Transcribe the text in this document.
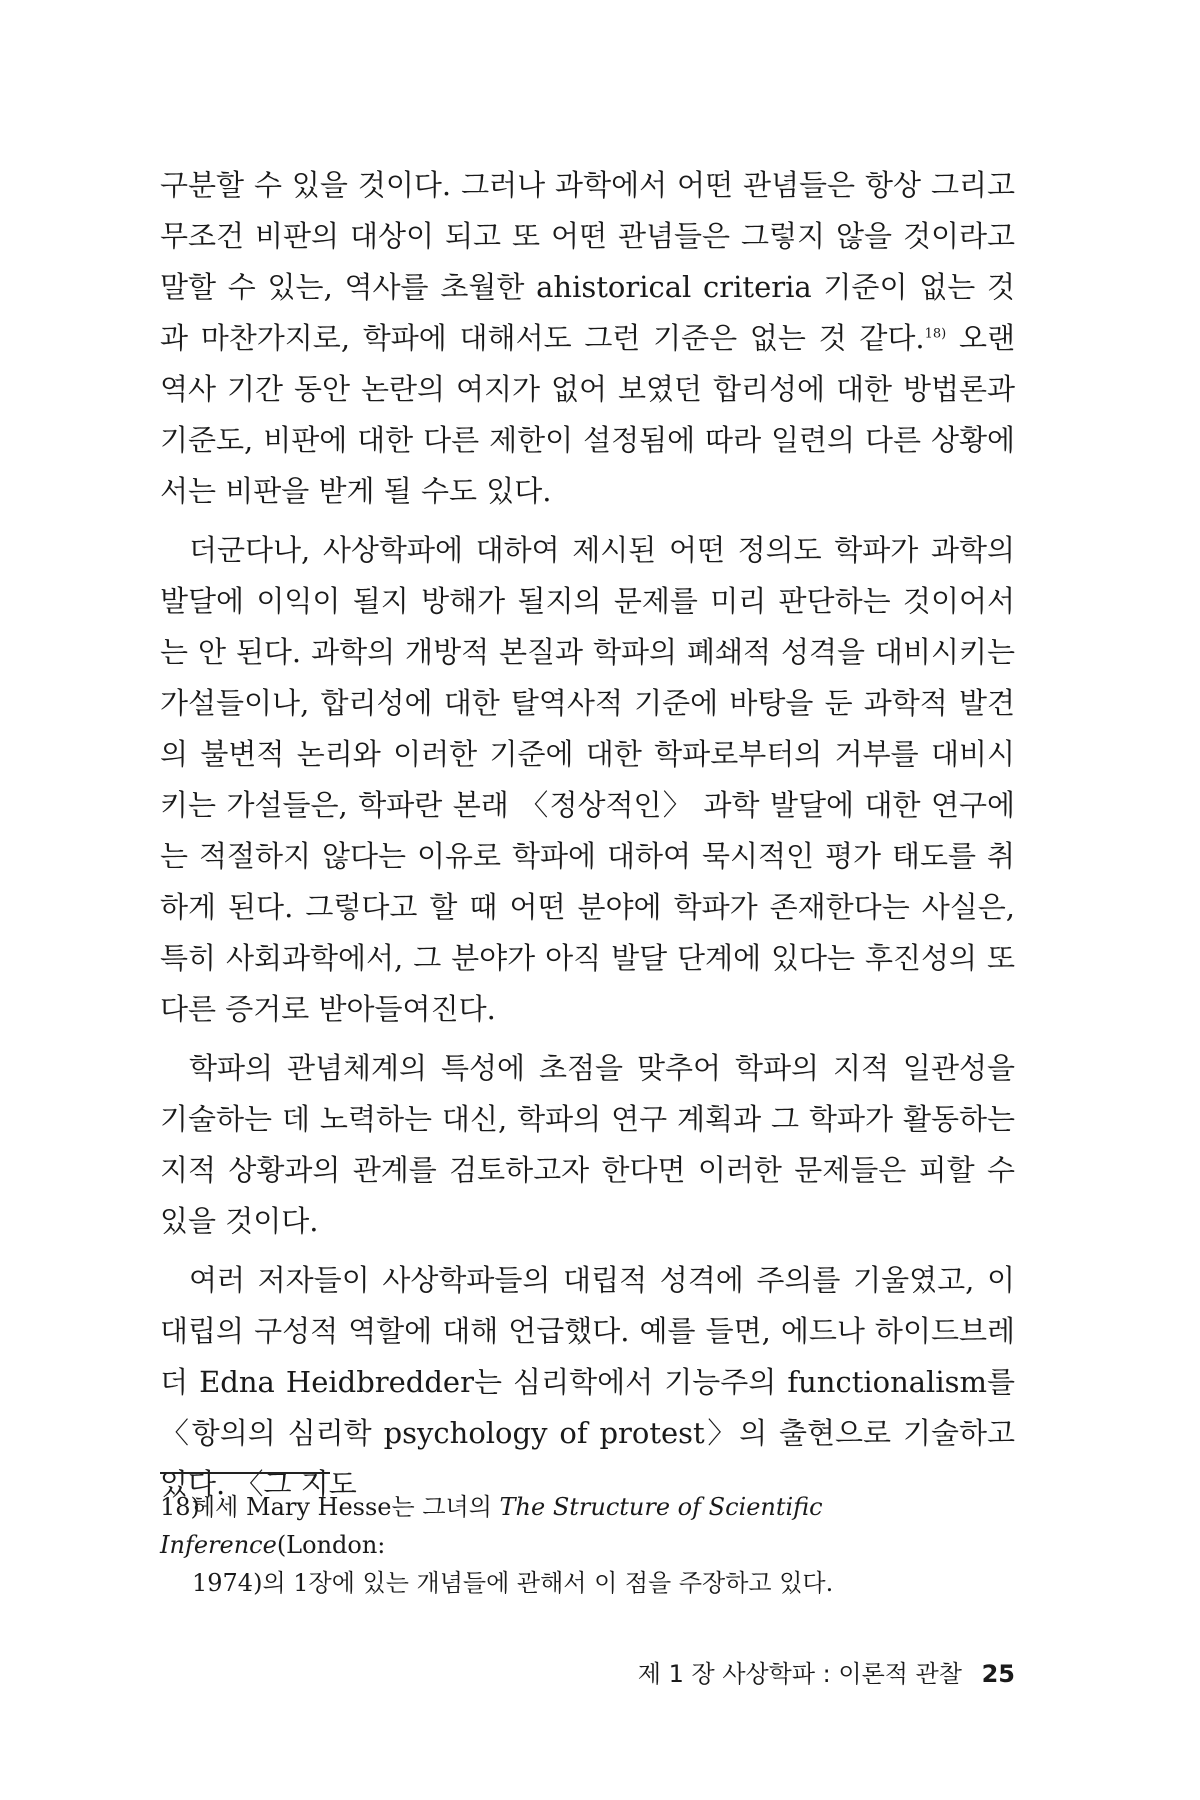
구분할 수 있을 것이다. 그러나 과학에서 어떤 관념들은 항상 그리고 무조건 비판의 대상이 되고 또 어떤 관념들은 그렇지 않을 것이라고 말할 수 있는, 역사를 초월한 ahistorical criteria 기준이 없는 것과 마찬가지로, 학파에 대해서도 그런 기준은 없는 것 같다.$^{18)}$ 오랜 역사 기간 동안 논란의 여지가 없어 보였던 합리성에 대한 방법론과 기준도, 비판에 대한 다른 제한이 설정됨에 따라 일련의 다른 상황에서는 비판을 받게 될 수도 있다.

더군다나, 사상학파에 대하여 제시된 어떤 정의도 학파가 과학의 발달에 이익이 될지 방해가 될지의 문제를 미리 판단하는 것이어서는 안 된다. 과학의 개방적 본질과 학파의 폐쇄적 성격을 대비시키는 가설들이나, 합리성에 대한 탈역사적 기준에 바탕을 둔 과학적 발견의 불변적 논리와 이러한 기준에 대한 학파로부터의 거부를 대비시키는 가설들은, 학파란 본래 〈정상적인〉 과학 발달에 대한 연구에는 적절하지 않다는 이유로 학파에 대하여 묵시적인 평가 태도를 취하게 된다. 그렇다고 할 때 어떤 분야에 학파가 존재한다는 사실은, 특히 사회과학에서, 그 분야가 아직 발달 단계에 있다는 후진성의 또 다른 증거로 받아들여진다.

학파의 관념체계의 특성에 초점을 맞추어 학파의 지적 일관성을 기술하는 데 노력하는 대신, 학파의 연구 계획과 그 학파가 활동하는 지적 상황과의 관계를 검토하고자 한다면 이러한 문제들은 피할 수 있을 것이다.

여러 저자들이 사상학파들의 대립적 성격에 주의를 기울였고, 이 대립의 구성적 역할에 대해 언급했다. 예를 들면, 에드나 하이드브레더 Edna Heidbredder는 심리학에서 기능주의 functionalism를 〈항의의 심리학 psychology of protest〉의 출현으로 기술하고 있다. 〈그 지도

18)헤세 Mary Hesse는 그녀의 The Structure of Scientific Inference(London:
1974)의 1장에 있는 개념들에 관해서 이 점을 주장하고 있다.
제 1 장 사상학파 : 이론적 관찰 25
